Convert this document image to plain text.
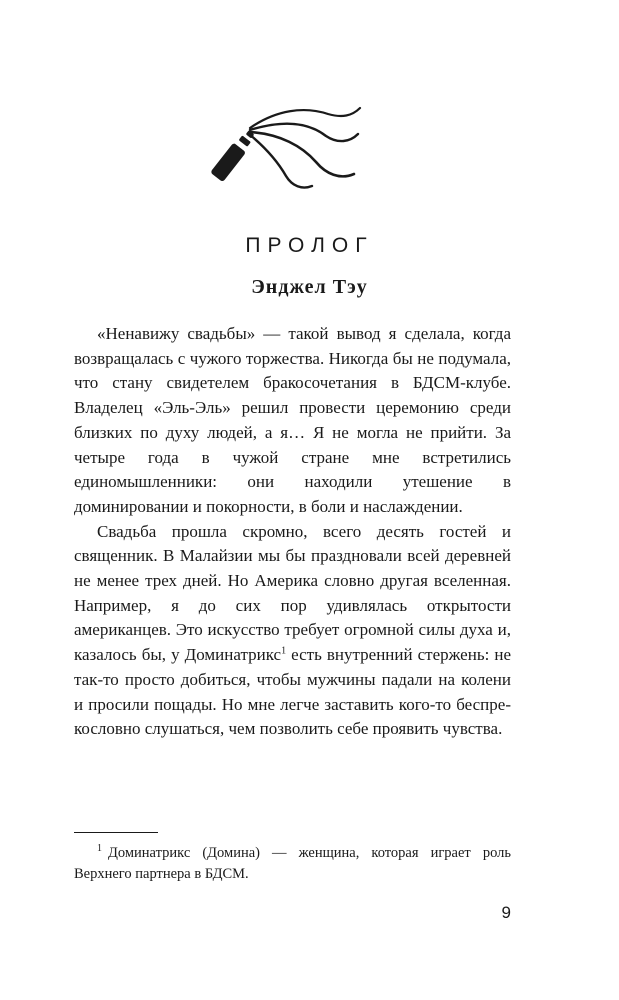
ПРОЛОГ
Энджел Тэу

«Ненавижу свадьбы» — такой вывод я сделала, когда возвращалась с чужого торжества. Никогда бы не подумала, что стану свидетелем бракосочетания в БДСМ-клубе. Владелец «Эль-Эль» решил провести церемонию среди близких по духу людей, а я… Я не могла не прийти. За четыре года в чужой стране мне встретились единомышленники: они находили утешение в доминировании и покорности, в боли и наслаждении.

Свадьба прошла скромно, всего десять гостей и священник. В Малайзии мы бы праздновали всей деревней не менее трех дней. Но Америка словно другая вселенная. Например, я до сих пор удивлялась открытости американцев. Это искусство требует огромной силы духа и, казалось бы, у Доминатрикс$^1$ есть внутренний стержень: не так-то просто добиться, чтобы мужчины падали на колени и просили пощады. Но мне легче заставить кого-то беспрекословно слушаться, чем позволить себе проявить чувства.

$^1$ Доминатрикс (Домина) — женщина, которая играет роль Верхнего партнера в БДСМ.

9
